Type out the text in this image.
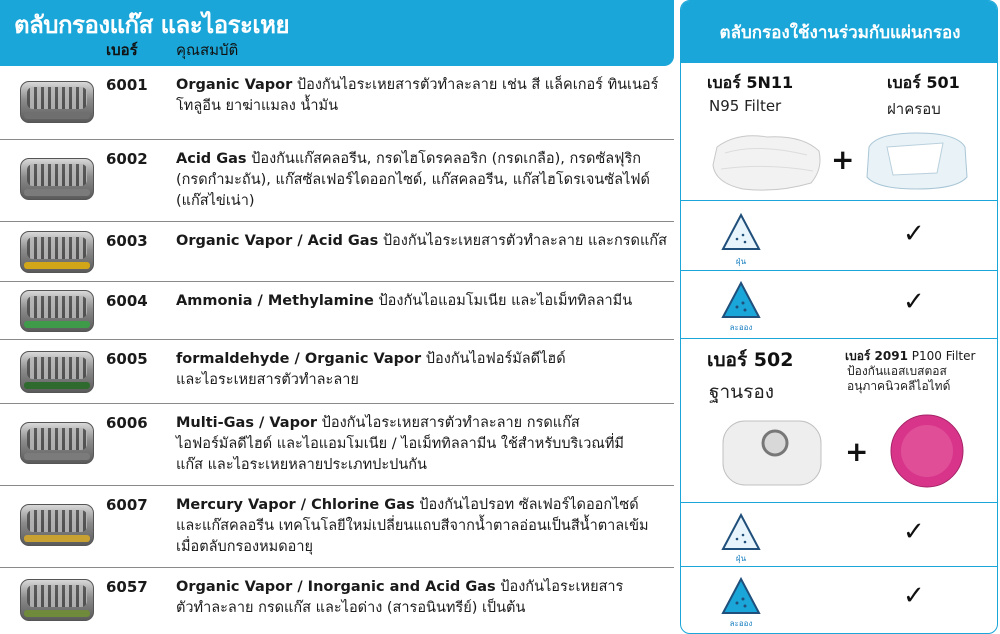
ตลับกรองแก๊ส และไอระเหย
เบอร์	คุณสมบัติ
6001 Organic Vapor ป้องกันไอระเหยสารตัวทำละลาย เช่น สี แล็คเกอร์ ทินเนอร์
โทลูอีน ยาฆ่าแมลง น้ำมัน
6002 Acid Gas ป้องกันแก๊สคลอรีน, กรดไฮโดรคลอริก (กรดเกลือ), กรดซัลฟุริก
(กรดกำมะถัน), แก๊สซัลเฟอร์ไดออกไซด์, แก๊สคลอรีน, แก๊สไฮโดรเจนซัลไฟด์
(แก๊สไข่เน่า)
6003 Organic Vapor / Acid Gas ป้องกันไอระเหยสารตัวทำละลาย และกรดแก๊ส
6004 Ammonia / Methylamine ป้องกันไอแอมโมเนีย และไอเม็ททิลลามีน
6005 formaldehyde / Organic Vapor ป้องกันไอฟอร์มัลดีไฮด์
และไอระเหยสารตัวทำละลาย
6006 Multi-Gas / Vapor ป้องกันไอระเหยสารตัวทำละลาย กรดแก๊ส
ไอฟอร์มัลดีไฮด์ และไอแอมโมเนีย / ไอเม็ททิลลามีน ใช้สำหรับบริเวณที่มี
แก๊ส และไอระเหยหลายประเภทปะปนกัน
6007 Mercury Vapor / Chlorine Gas ป้องกันไอปรอท ซัลเฟอร์ไดออกไซด์
และแก๊สคลอรีน เทคโนโลยีใหม่เปลี่ยนแถบสีจากน้ำตาลอ่อนเป็นสีน้ำตาลเข้ม
เมื่อตลับกรองหมดอายุ
6057 Organic Vapor / Inorganic and Acid Gas ป้องกันไอระเหยสาร
ตัวทำละลาย กรดแก๊ส และไอด่าง (สารอนินทรีย์) เป็นต้น
ตลับกรองใช้งานร่วมกับแผ่นกรอง
เบอร์ 5N11
N95 Filter
เบอร์ 501
ฝาครอบ
+
ฝุ่น
✓
ละออง
✓
เบอร์ 502
ฐานรอง
เบอร์ 2091 P100 Filter
ป้องกันแอสเบสตอส
อนุภาคนิวคลีไอไทด์
+
ฝุ่น
✓
ละออง
✓
